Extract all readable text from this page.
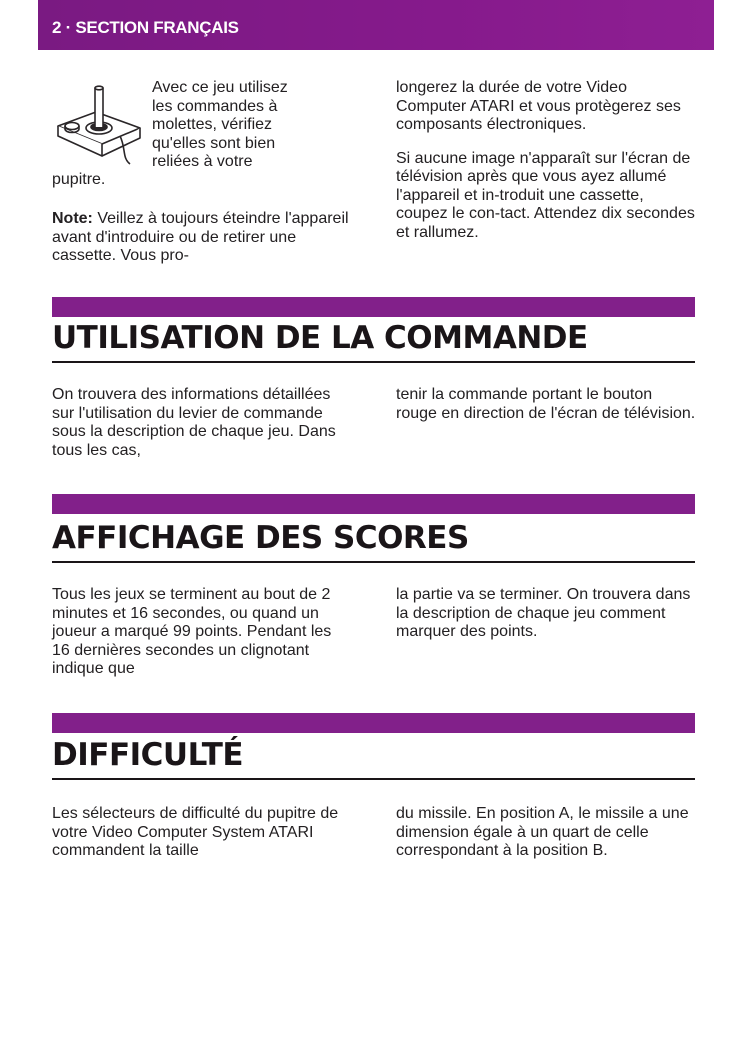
2 · SECTION FRANÇAIS
Avec ce jeu utilisez
les commandes à
molettes, vérifiez
qu'elles sont bien
reliées à votre
pupitre.
Note: Veillez à toujours éteindre l'appareil avant d'introduire ou de retirer une cassette. Vous pro-

longerez la durée de votre Video Computer ATARI et vous protègerez ses composants électroniques.

Si aucune image n'apparaît sur l'écran de télévision après que vous ayez allumé l'appareil et in-troduit une cassette, coupez le con-tact. Attendez dix secondes et rallumez.

UTILISATION DE LA COMMANDE
On trouvera des informations détaillées sur l'utilisation du levier de commande sous la description de chaque jeu. Dans tous les cas,
tenir la commande portant le bouton rouge en direction de l'écran de télévision.
AFFICHAGE DES SCORES
Tous les jeux se terminent au bout de 2 minutes et 16 secondes, ou quand un joueur a marqué 99 points. Pendant les 16 dernières secondes un clignotant indique que
la partie va se terminer. On trouvera dans la description de chaque jeu comment marquer des points.
DIFFICULTÉ
Les sélecteurs de difficulté du pupitre de votre Video Computer System ATARI commandent la taille
du missile. En position A, le missile a une dimension égale à un quart de celle correspondant à la position B.
